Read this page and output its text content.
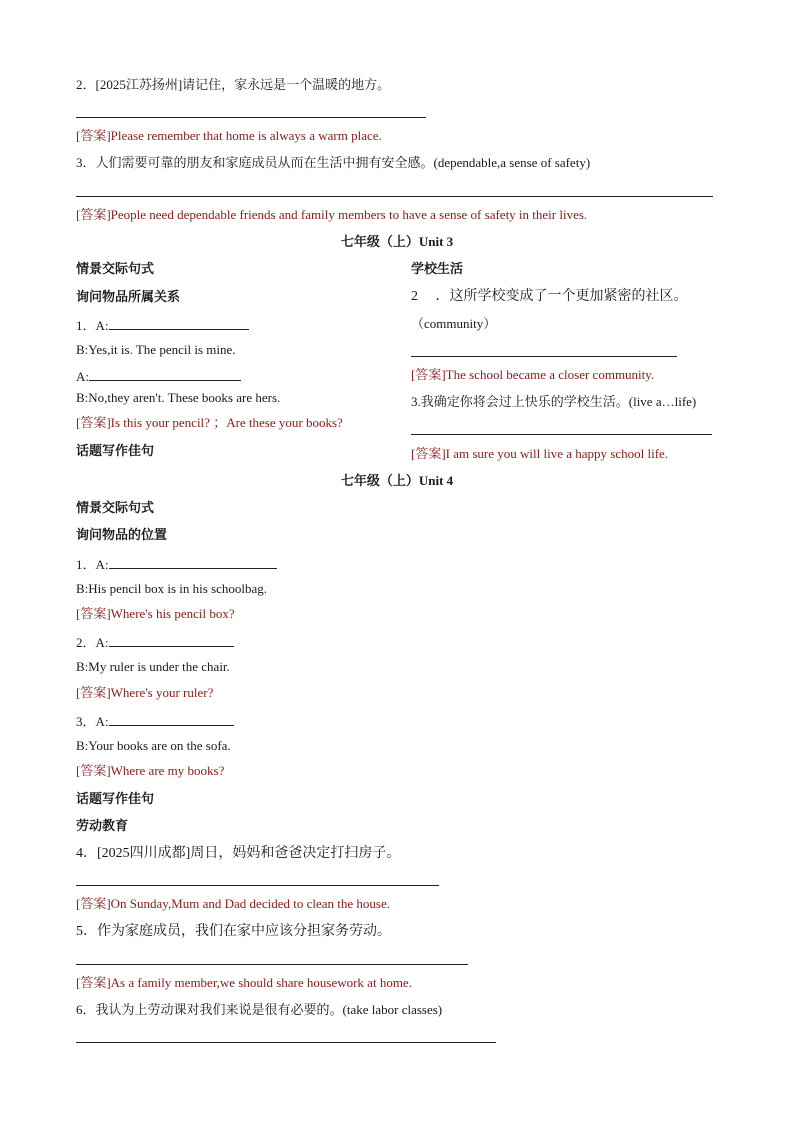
2．[2025江苏扬州]请记住，家永远是一个温暖的地方。
[答案]Please remember that home is always a warm place.
3．人们需要可靠的朋友和家庭成员从而在生活中拥有安全感。(dependable,a sense of safety)
[答案]People need dependable friends and family members to have a sense of safety in their lives.
七年级（上）Unit 3
情景交际句式
询问物品所属关系
1．A:
B:Yes,it is. The pencil is mine.
A:
B:No,they aren't. These books are hers.
[答案]Is this your pencil? ；Are these your books?
话题写作佳句
学校生活
2　 ．这所学校变成了一个更加紧密的社区。
（community）
[答案]The school became a closer community.
3.我确定你将会过上快乐的学校生活。(live a…life)
[答案]I am sure you will live a happy school life.
七年级（上）Unit 4
情景交际句式
询问物品的位置
1．A:
B:His pencil box is in his schoolbag.
[答案]Where's his pencil box?
2．A:
B:My ruler is under the chair.
[答案]Where's your ruler?
3．A:
B:Your books are on the sofa.
[答案]Where are my books?
话题写作佳句
劳动教育
4．[2025四川成都]周日，妈妈和爸爸决定打扫房子。
[答案]On Sunday,Mum and Dad decided to clean the house.
5．作为家庭成员，我们在家中应该分担家务劳动。
[答案]As a family member,we should share housework at home.
6．我认为上劳动课对我们来说是很有必要的。(take labor classes)
